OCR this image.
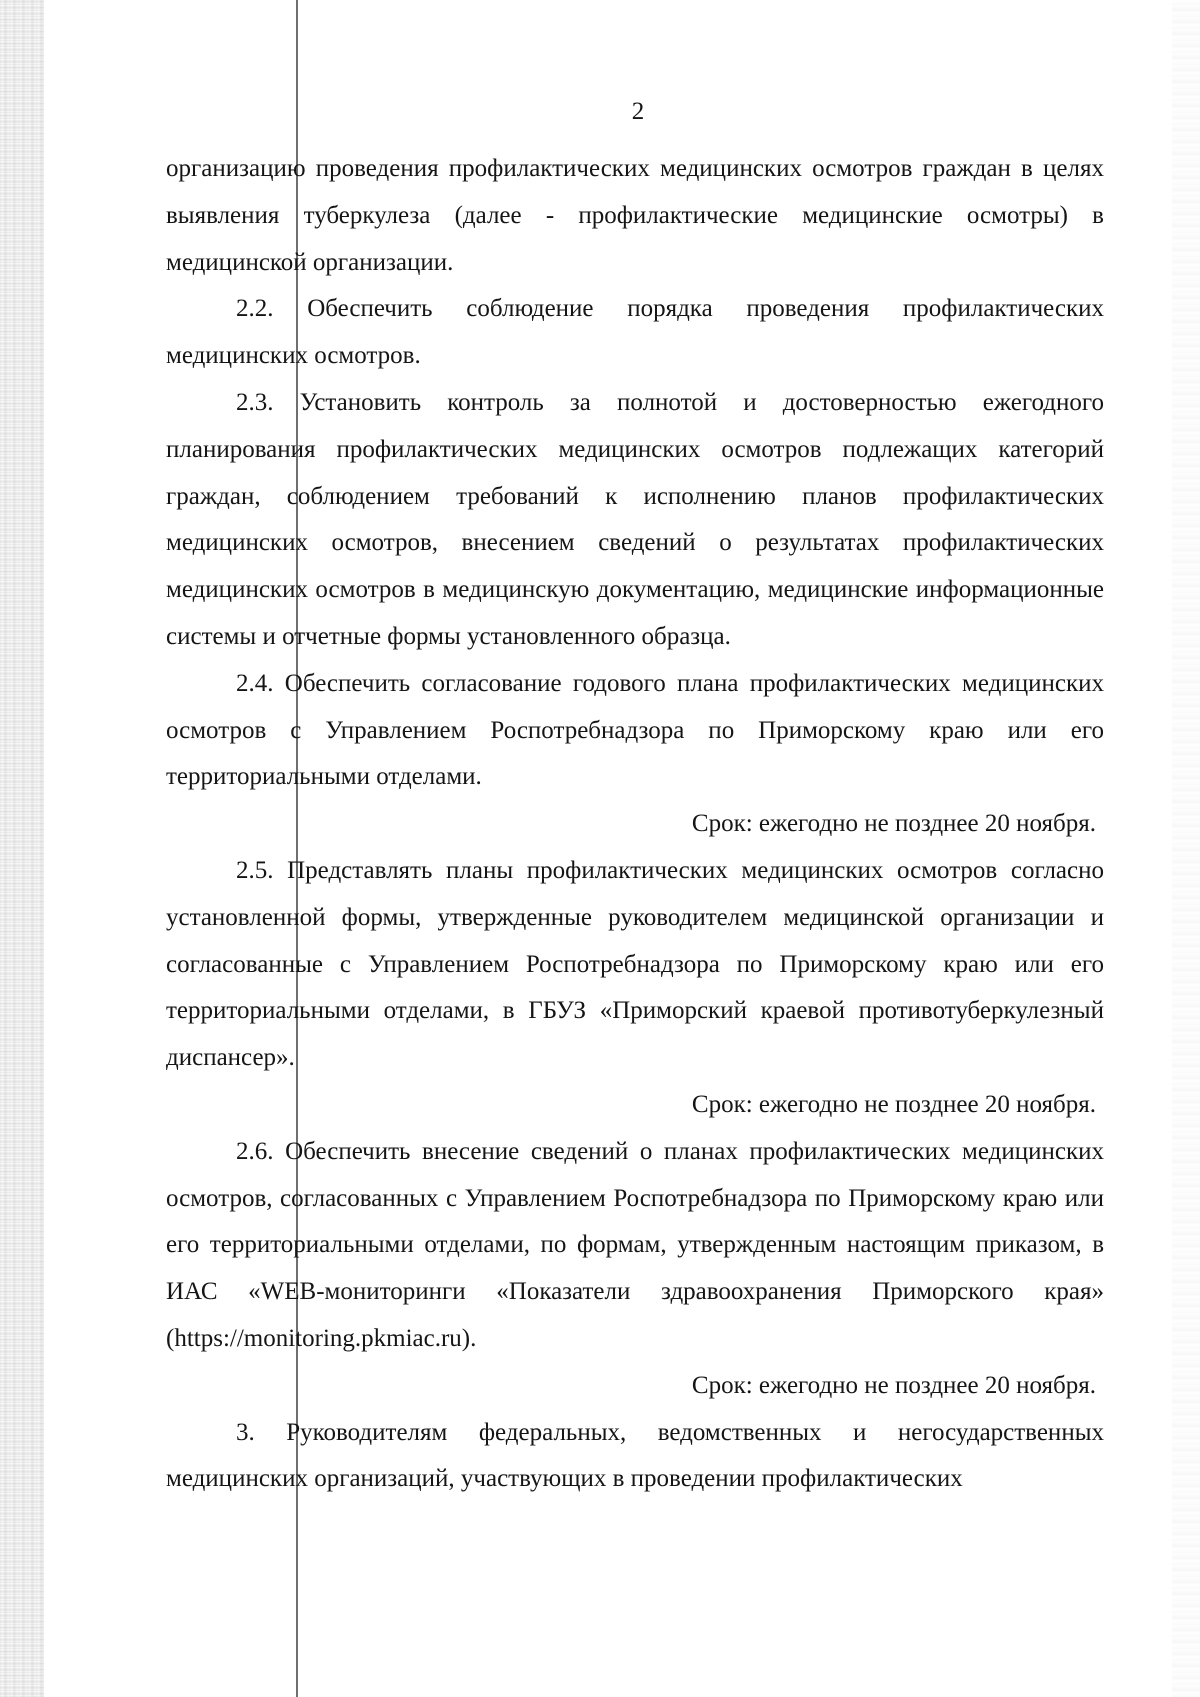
2

организацию проведения профилактических медицинских осмотров граждан в целях выявления туберкулеза (далее - профилактические медицинские осмотры) в медицинской организации.

2.2. Обеспечить соблюдение порядка проведения профилактических медицинских осмотров.

2.3. Установить контроль за полнотой и достоверностью ежегодного планирования профилактических медицинских осмотров подлежащих категорий граждан, соблюдением требований к исполнению планов профилактических медицинских осмотров, внесением сведений о результатах профилактических медицинских осмотров в медицинскую документацию, медицинские информационные системы и отчетные формы установленного образца.

2.4. Обеспечить согласование годового плана профилактических медицинских осмотров с Управлением Роспотребнадзора по Приморскому краю или его территориальными отделами.

Срок: ежегодно не позднее 20 ноября.

2.5. Представлять планы профилактических медицинских осмотров согласно установленной формы, утвержденные руководителем медицинской организации и согласованные с Управлением Роспотребнадзора по Приморскому краю или его территориальными отделами, в ГБУЗ «Приморский краевой противотуберкулезный диспансер».

Срок: ежегодно не позднее 20 ноября.

2.6. Обеспечить внесение сведений о планах профилактических медицинских осмотров, согласованных с Управлением Роспотребнадзора по Приморскому краю или его территориальными отделами, по формам, утвержденным настоящим приказом, в ИАС «WEB-мониторинги «Показатели здравоохранения Приморского края» (https://monitoring.pkmiac.ru).

Срок: ежегодно не позднее 20 ноября.

3. Руководителям федеральных, ведомственных и негосударственных медицинских организаций, участвующих в проведении профилактических
